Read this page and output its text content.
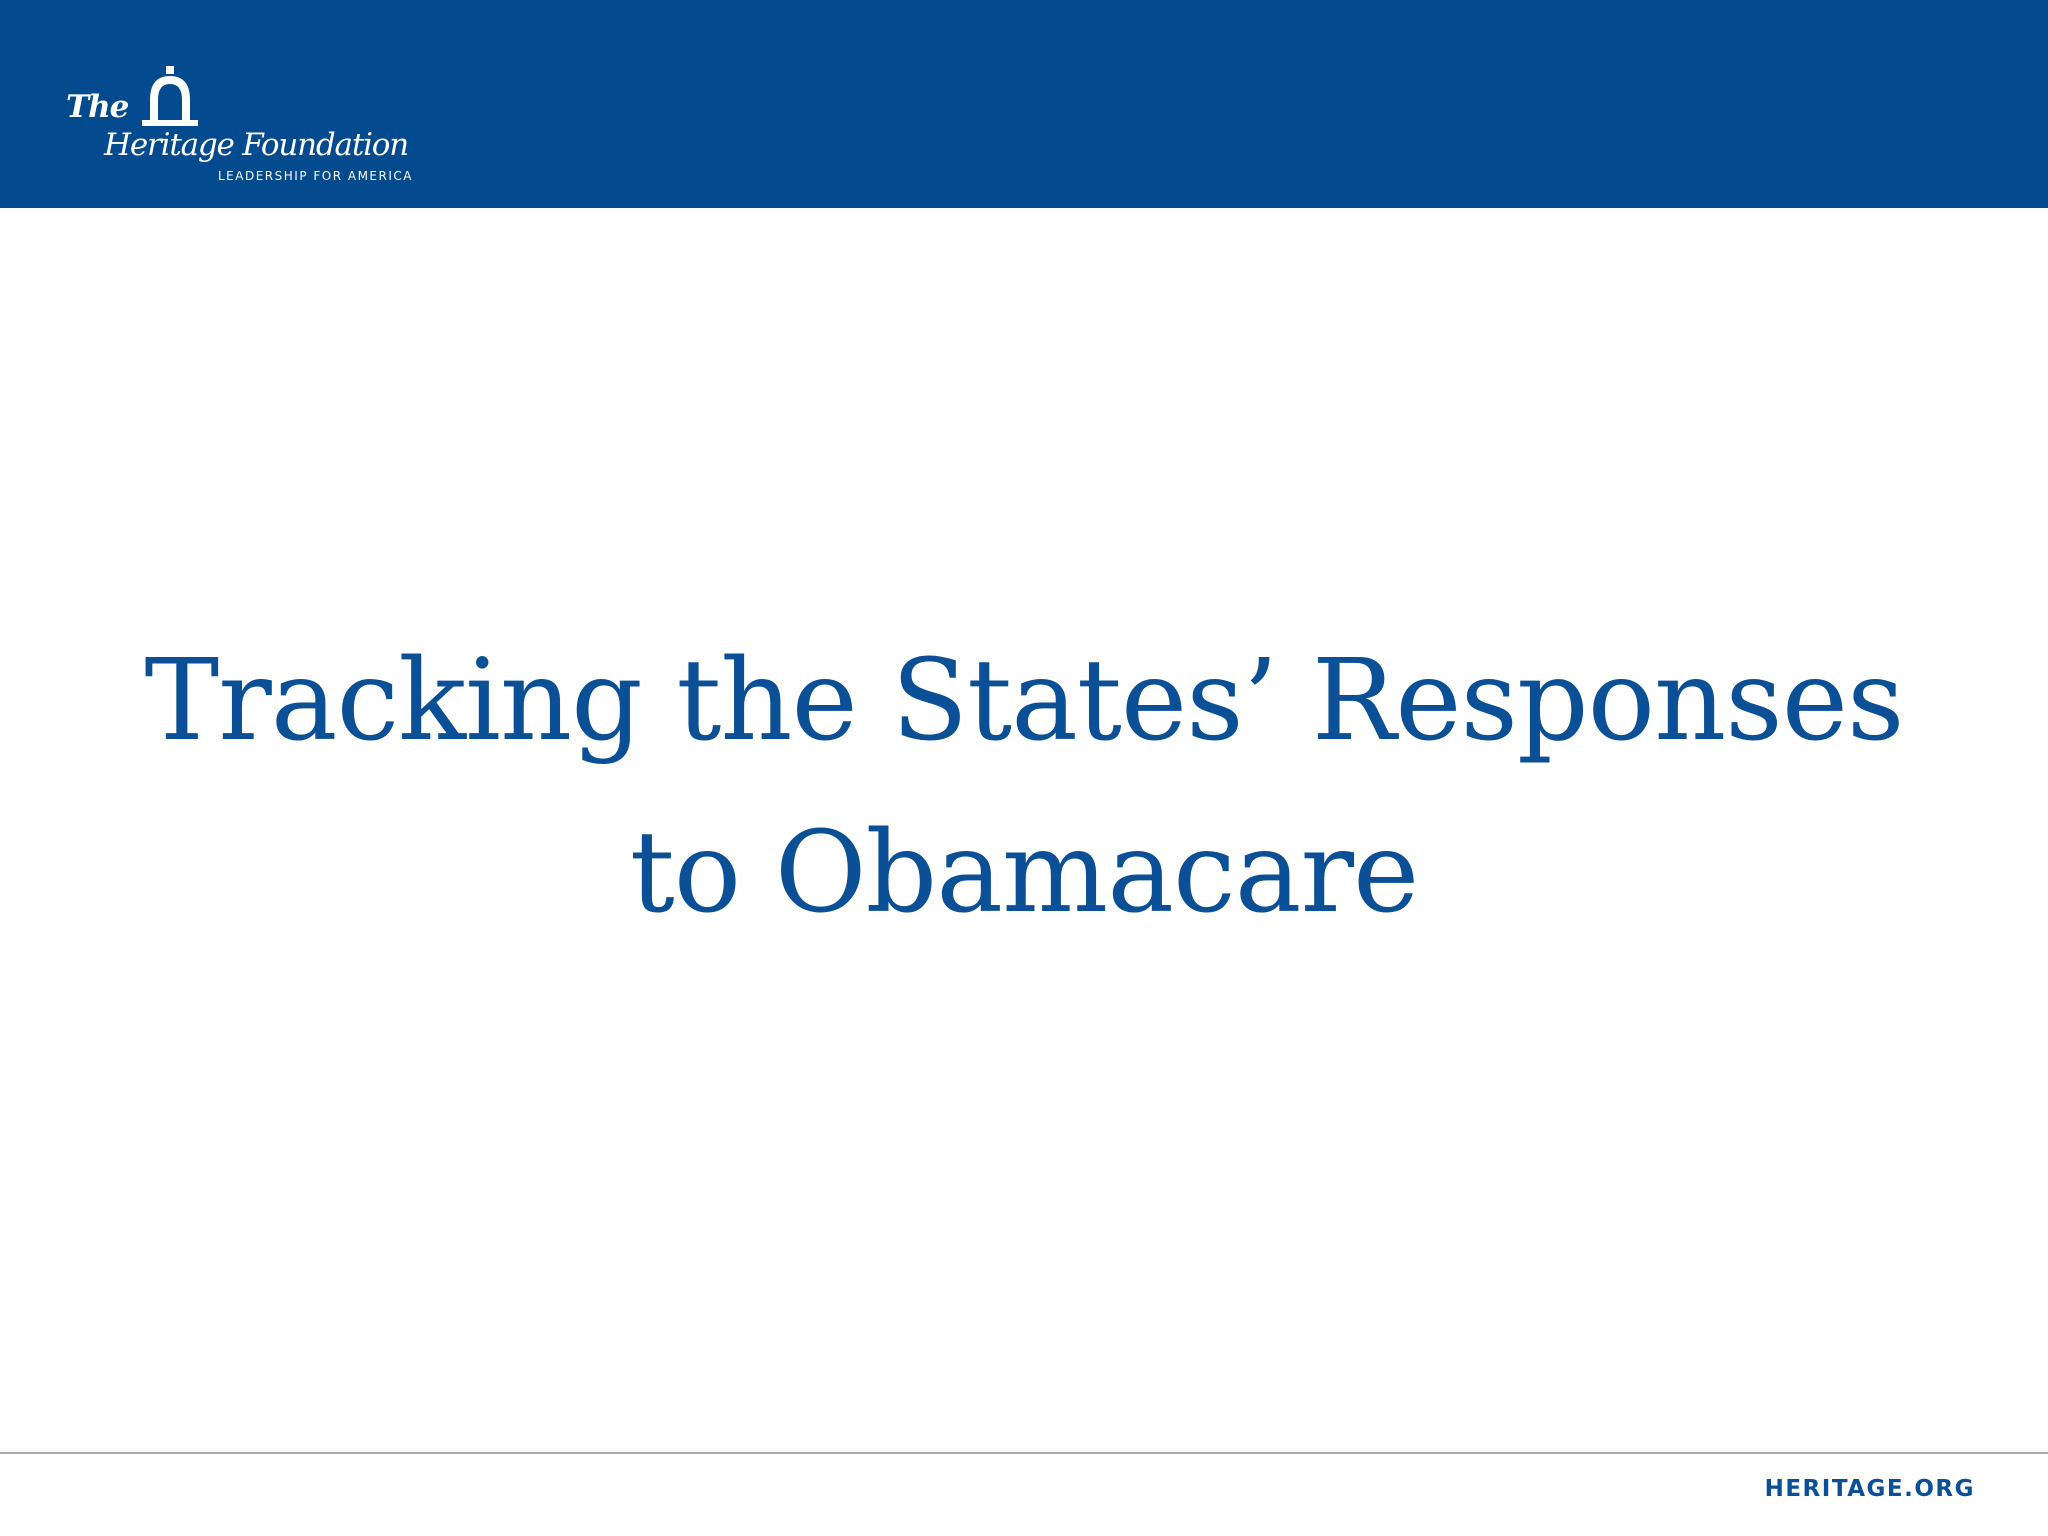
The
Heritage Foundation
LEADERSHIP FOR AMERICA
Tracking the States’ Responses
to Obamacare
HERITAGE.ORG
